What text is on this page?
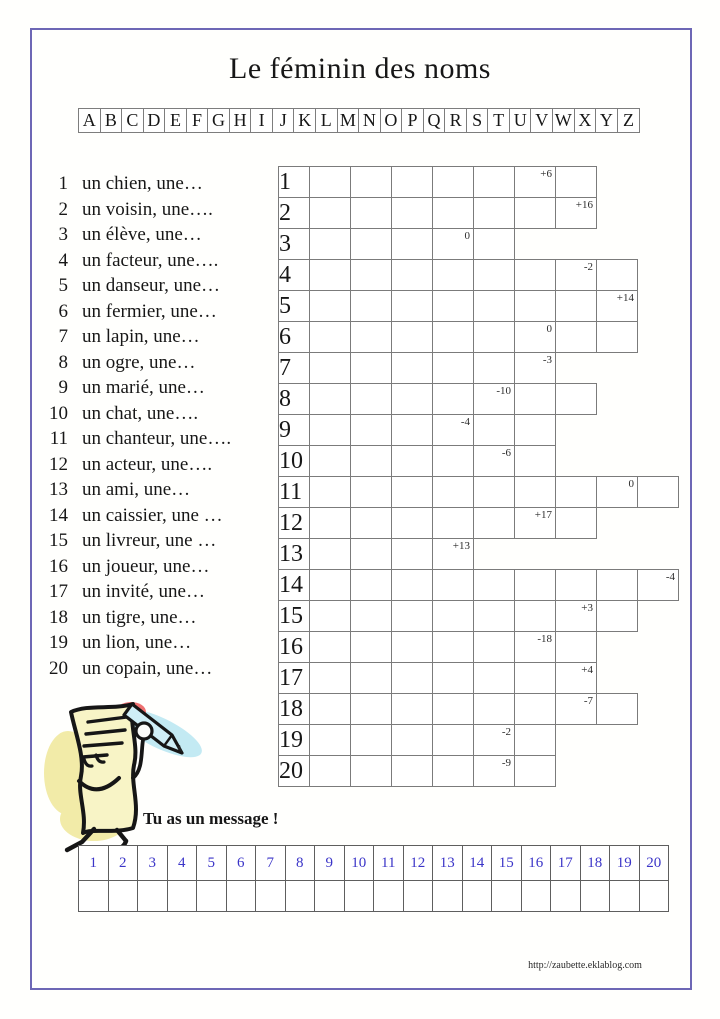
Le féminin des noms
A B C D E F G H I J K L M N O P Q R S T U V W X Y Z
1 un chien, une…
2 un voisin, une….
3 un élève, une…
4 un facteur, une….
5 un danseur, une…
6 un fermier, une…
7 un lapin, une…
8 un ogre, une…
9 un marié, une…
10 un chat, une….
11 un chanteur, une….
12 un acteur, une….
13 un ami, une…
14 un caissier, une …
15 un livreur, une …
16 un joueur, une…
17 un invité, une…
18 un tigre, une…
19 un lion, une…
20 un copain, une…
1						+6			

2							+16		

3				0					

4							-2		

5								+14	

6						0			

7						-3			

8					-10				

9				-4					

10					-6				

11								0	

12						+17			

13				+13					

14									-4

15							+3		

16						-18			

17							+4		

18							-7		

19					-2				

20					-9				

Tu as un message !
1	2	3	4	5	6	7	8	9	10	11	12	13	14	15	16	17	18	19	20

http://zaubette.eklablog.com
